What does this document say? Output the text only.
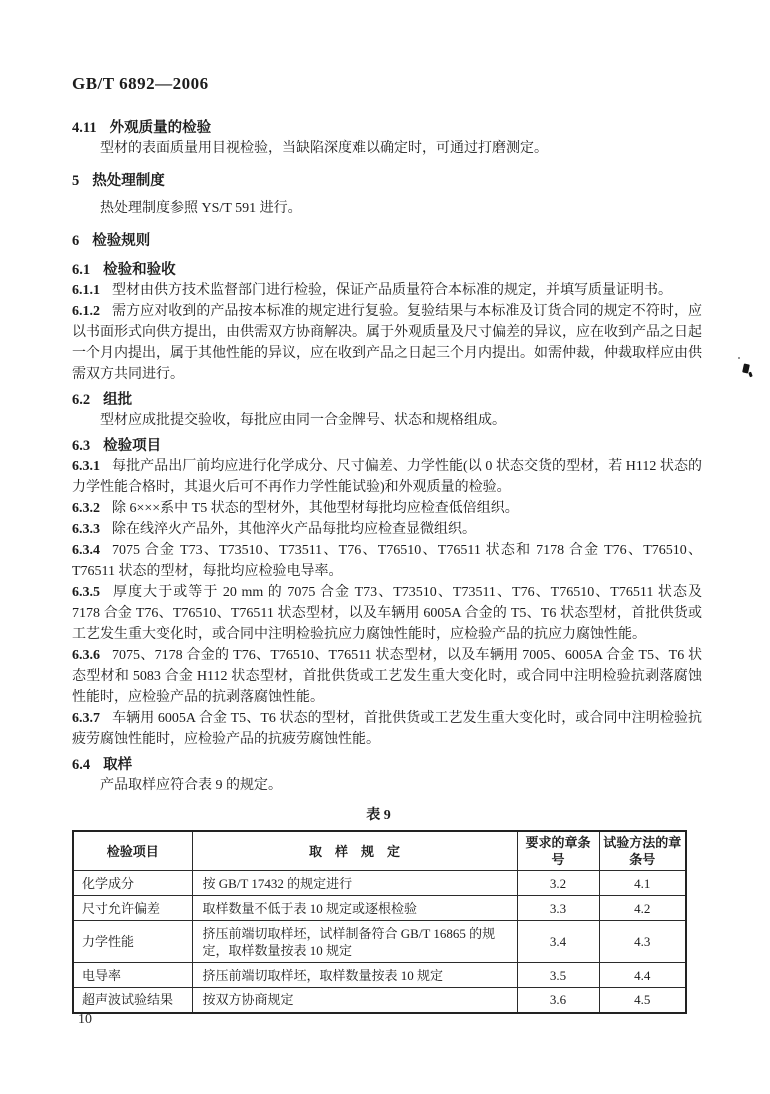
GB/T 6892—2006

4.11 外观质量的检验

型材的表面质量用目视检验，当缺陷深度难以确定时，可通过打磨测定。

5 热处理制度

热处理制度参照 YS/T 591 进行。

6 检验规则

6.1 检验和验收

6.1.1 型材由供方技术监督部门进行检验，保证产品质量符合本标准的规定，并填写质量证明书。

6.1.2 需方应对收到的产品按本标准的规定进行复验。复验结果与本标准及订货合同的规定不符时，应以书面形式向供方提出，由供需双方协商解决。属于外观质量及尺寸偏差的异议，应在收到产品之日起一个月内提出，属于其他性能的异议，应在收到产品之日起三个月内提出。如需仲裁，仲裁取样应由供需双方共同进行。

6.2 组批

型材应成批提交验收，每批应由同一合金牌号、状态和规格组成。

6.3 检验项目

6.3.1 每批产品出厂前均应进行化学成分、尺寸偏差、力学性能(以 0 状态交货的型材，若 H112 状态的力学性能合格时，其退火后可不再作力学性能试验)和外观质量的检验。

6.3.2 除 6×××系中 T5 状态的型材外，其他型材每批均应检查低倍组织。

6.3.3 除在线淬火产品外，其他淬火产品每批均应检查显微组织。

6.3.4 7075 合金 T73、T73510、T73511、T76、T76510、T76511 状态和 7178 合金 T76、T76510、T76511 状态的型材，每批均应检验电导率。

6.3.5 厚度大于或等于 20 mm 的 7075 合金 T73、T73510、T73511、T76、T76510、T76511 状态及 7178 合金 T76、T76510、T76511 状态型材，以及车辆用 6005A 合金的 T5、T6 状态型材，首批供货或工艺发生重大变化时，或合同中注明检验抗应力腐蚀性能时，应检验产品的抗应力腐蚀性能。

6.3.6 7075、7178 合金的 T76、T76510、T76511 状态型材，以及车辆用 7005、6005A 合金 T5、T6 状态型材和 5083 合金 H112 状态型材，首批供货或工艺发生重大变化时，或合同中注明检验抗剥落腐蚀性能时，应检验产品的抗剥落腐蚀性能。

6.3.7 车辆用 6005A 合金 T5、T6 状态的型材，首批供货或工艺发生重大变化时，或合同中注明检验抗疲劳腐蚀性能时，应检验产品的抗疲劳腐蚀性能。

6.4 取样

产品取样应符合表 9 的规定。

表 9
检验项目	取　样　规　定	要求的章条号	试验方法的章条号
化学成分	按 GB/T 17432 的规定进行	3.2	4.1
尺寸允许偏差	取样数量不低于表 10 规定或逐根检验	3.3	4.2
力学性能	挤压前端切取样坯，试样制备符合 GB/T 16865 的规定，取样数量按表 10 规定	3.4	4.3
电导率	挤压前端切取样坯，取样数量按表 10 规定	3.5	4.4
超声波试验结果	按双方协商规定	3.6	4.5
10
